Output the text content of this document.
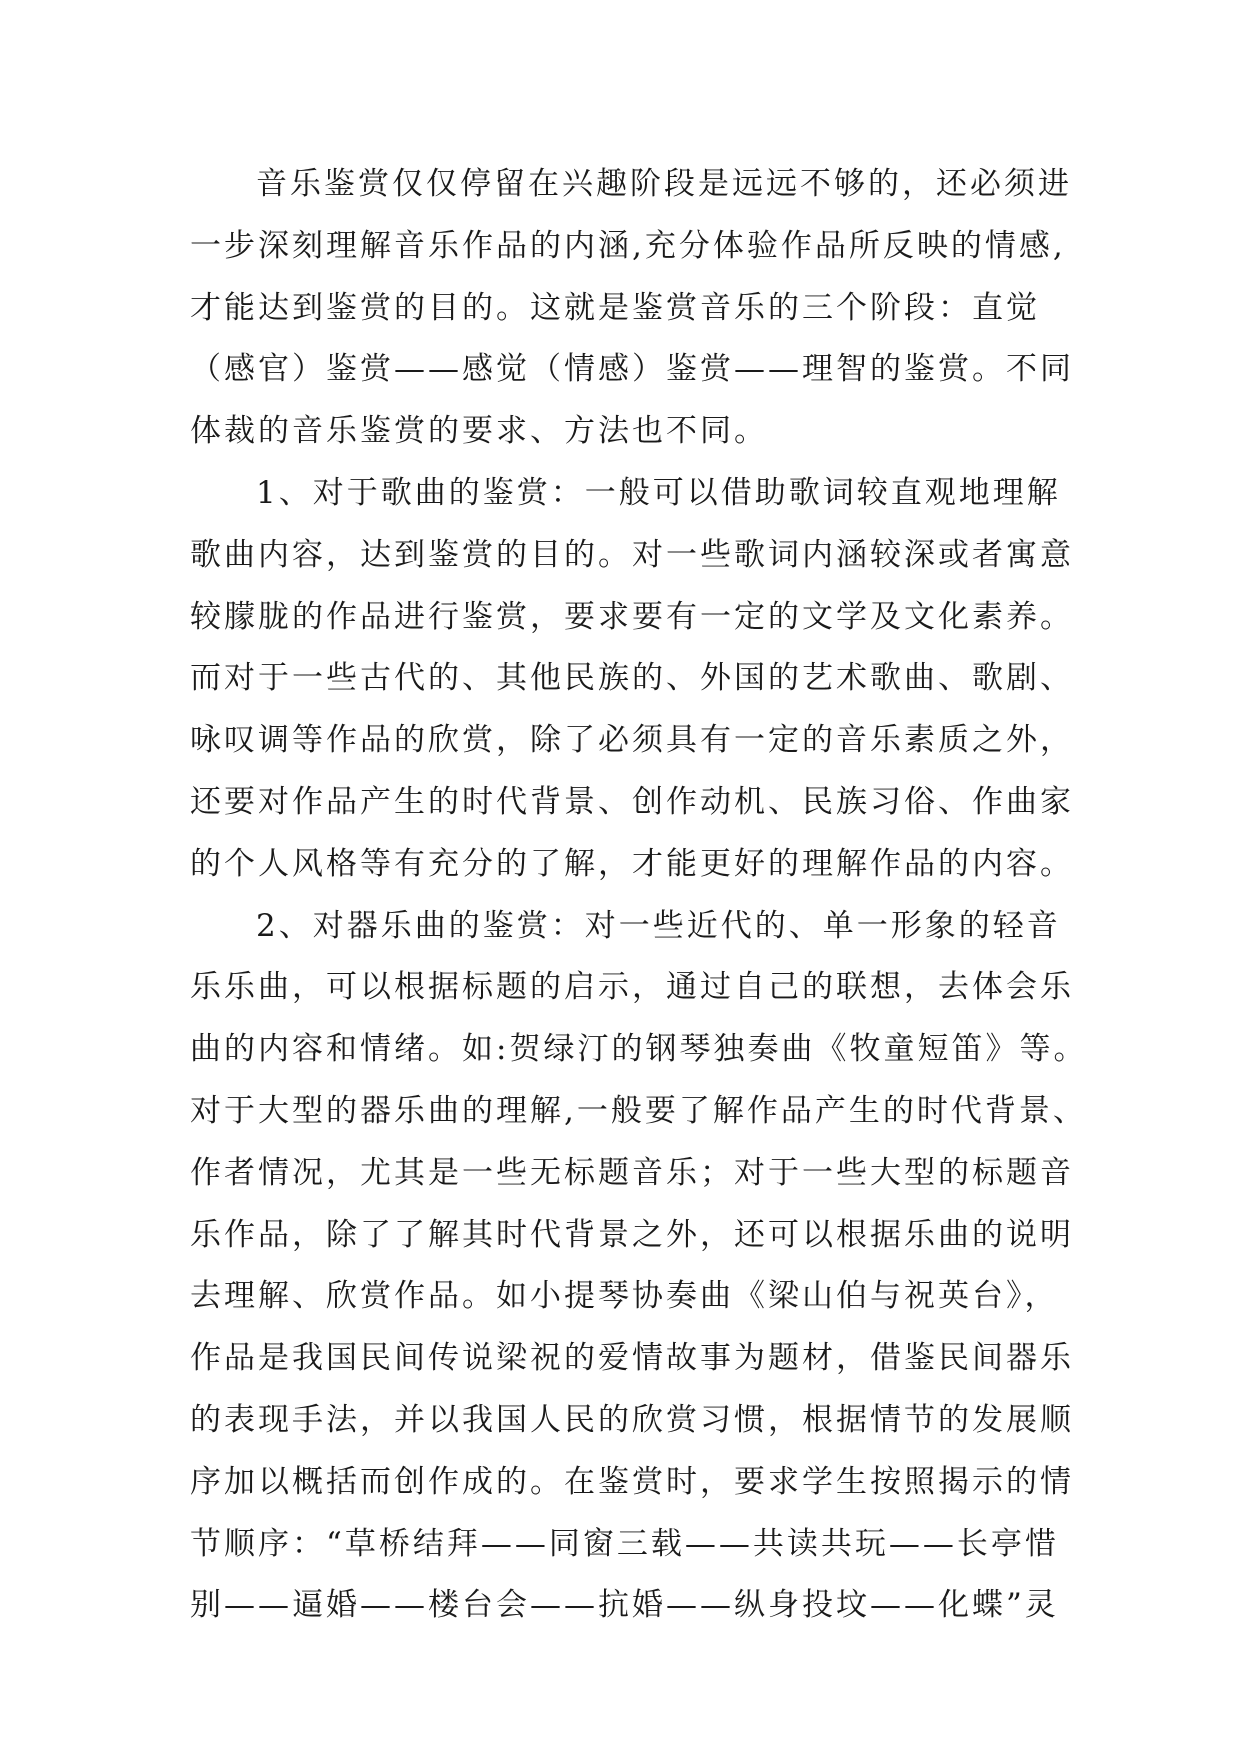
音乐鉴赏仅仅停留在兴趣阶段是远远不够的，还必须进
一步深刻理解音乐作品的内涵,充分体验作品所反映的情感,
才能达到鉴赏的目的。这就是鉴赏音乐的三个阶段：直觉
（感官）鉴赏——感觉（情感）鉴赏——理智的鉴赏。不同
体裁的音乐鉴赏的要求、方法也不同。
1、对于歌曲的鉴赏：一般可以借助歌词较直观地理解
歌曲内容，达到鉴赏的目的。对一些歌词内涵较深或者寓意
较朦胧的作品进行鉴赏，要求要有一定的文学及文化素养。
而对于一些古代的、其他民族的、外国的艺术歌曲、歌剧、
咏叹调等作品的欣赏，除了必须具有一定的音乐素质之外，
还要对作品产生的时代背景、创作动机、民族习俗、作曲家
的个人风格等有充分的了解，才能更好的理解作品的内容。
2、对器乐曲的鉴赏：对一些近代的、单一形象的轻音
乐乐曲，可以根据标题的启示，通过自己的联想，去体会乐
曲的内容和情绪。如:贺绿汀的钢琴独奏曲《牧童短笛》等。
对于大型的器乐曲的理解,一般要了解作品产生的时代背景、
作者情况，尤其是一些无标题音乐；对于一些大型的标题音
乐作品，除了了解其时代背景之外，还可以根据乐曲的说明
去理解、欣赏作品。如小提琴协奏曲《梁山伯与祝英台》，
作品是我国民间传说梁祝的爱情故事为题材，借鉴民间器乐
的表现手法，并以我国人民的欣赏习惯，根据情节的发展顺
序加以概括而创作成的。在鉴赏时，要求学生按照揭示的情
节顺序：“草桥结拜——同窗三载——共读共玩——长亭惜
别——逼婚——楼台会——抗婚——纵身投坟——化蝶”灵
